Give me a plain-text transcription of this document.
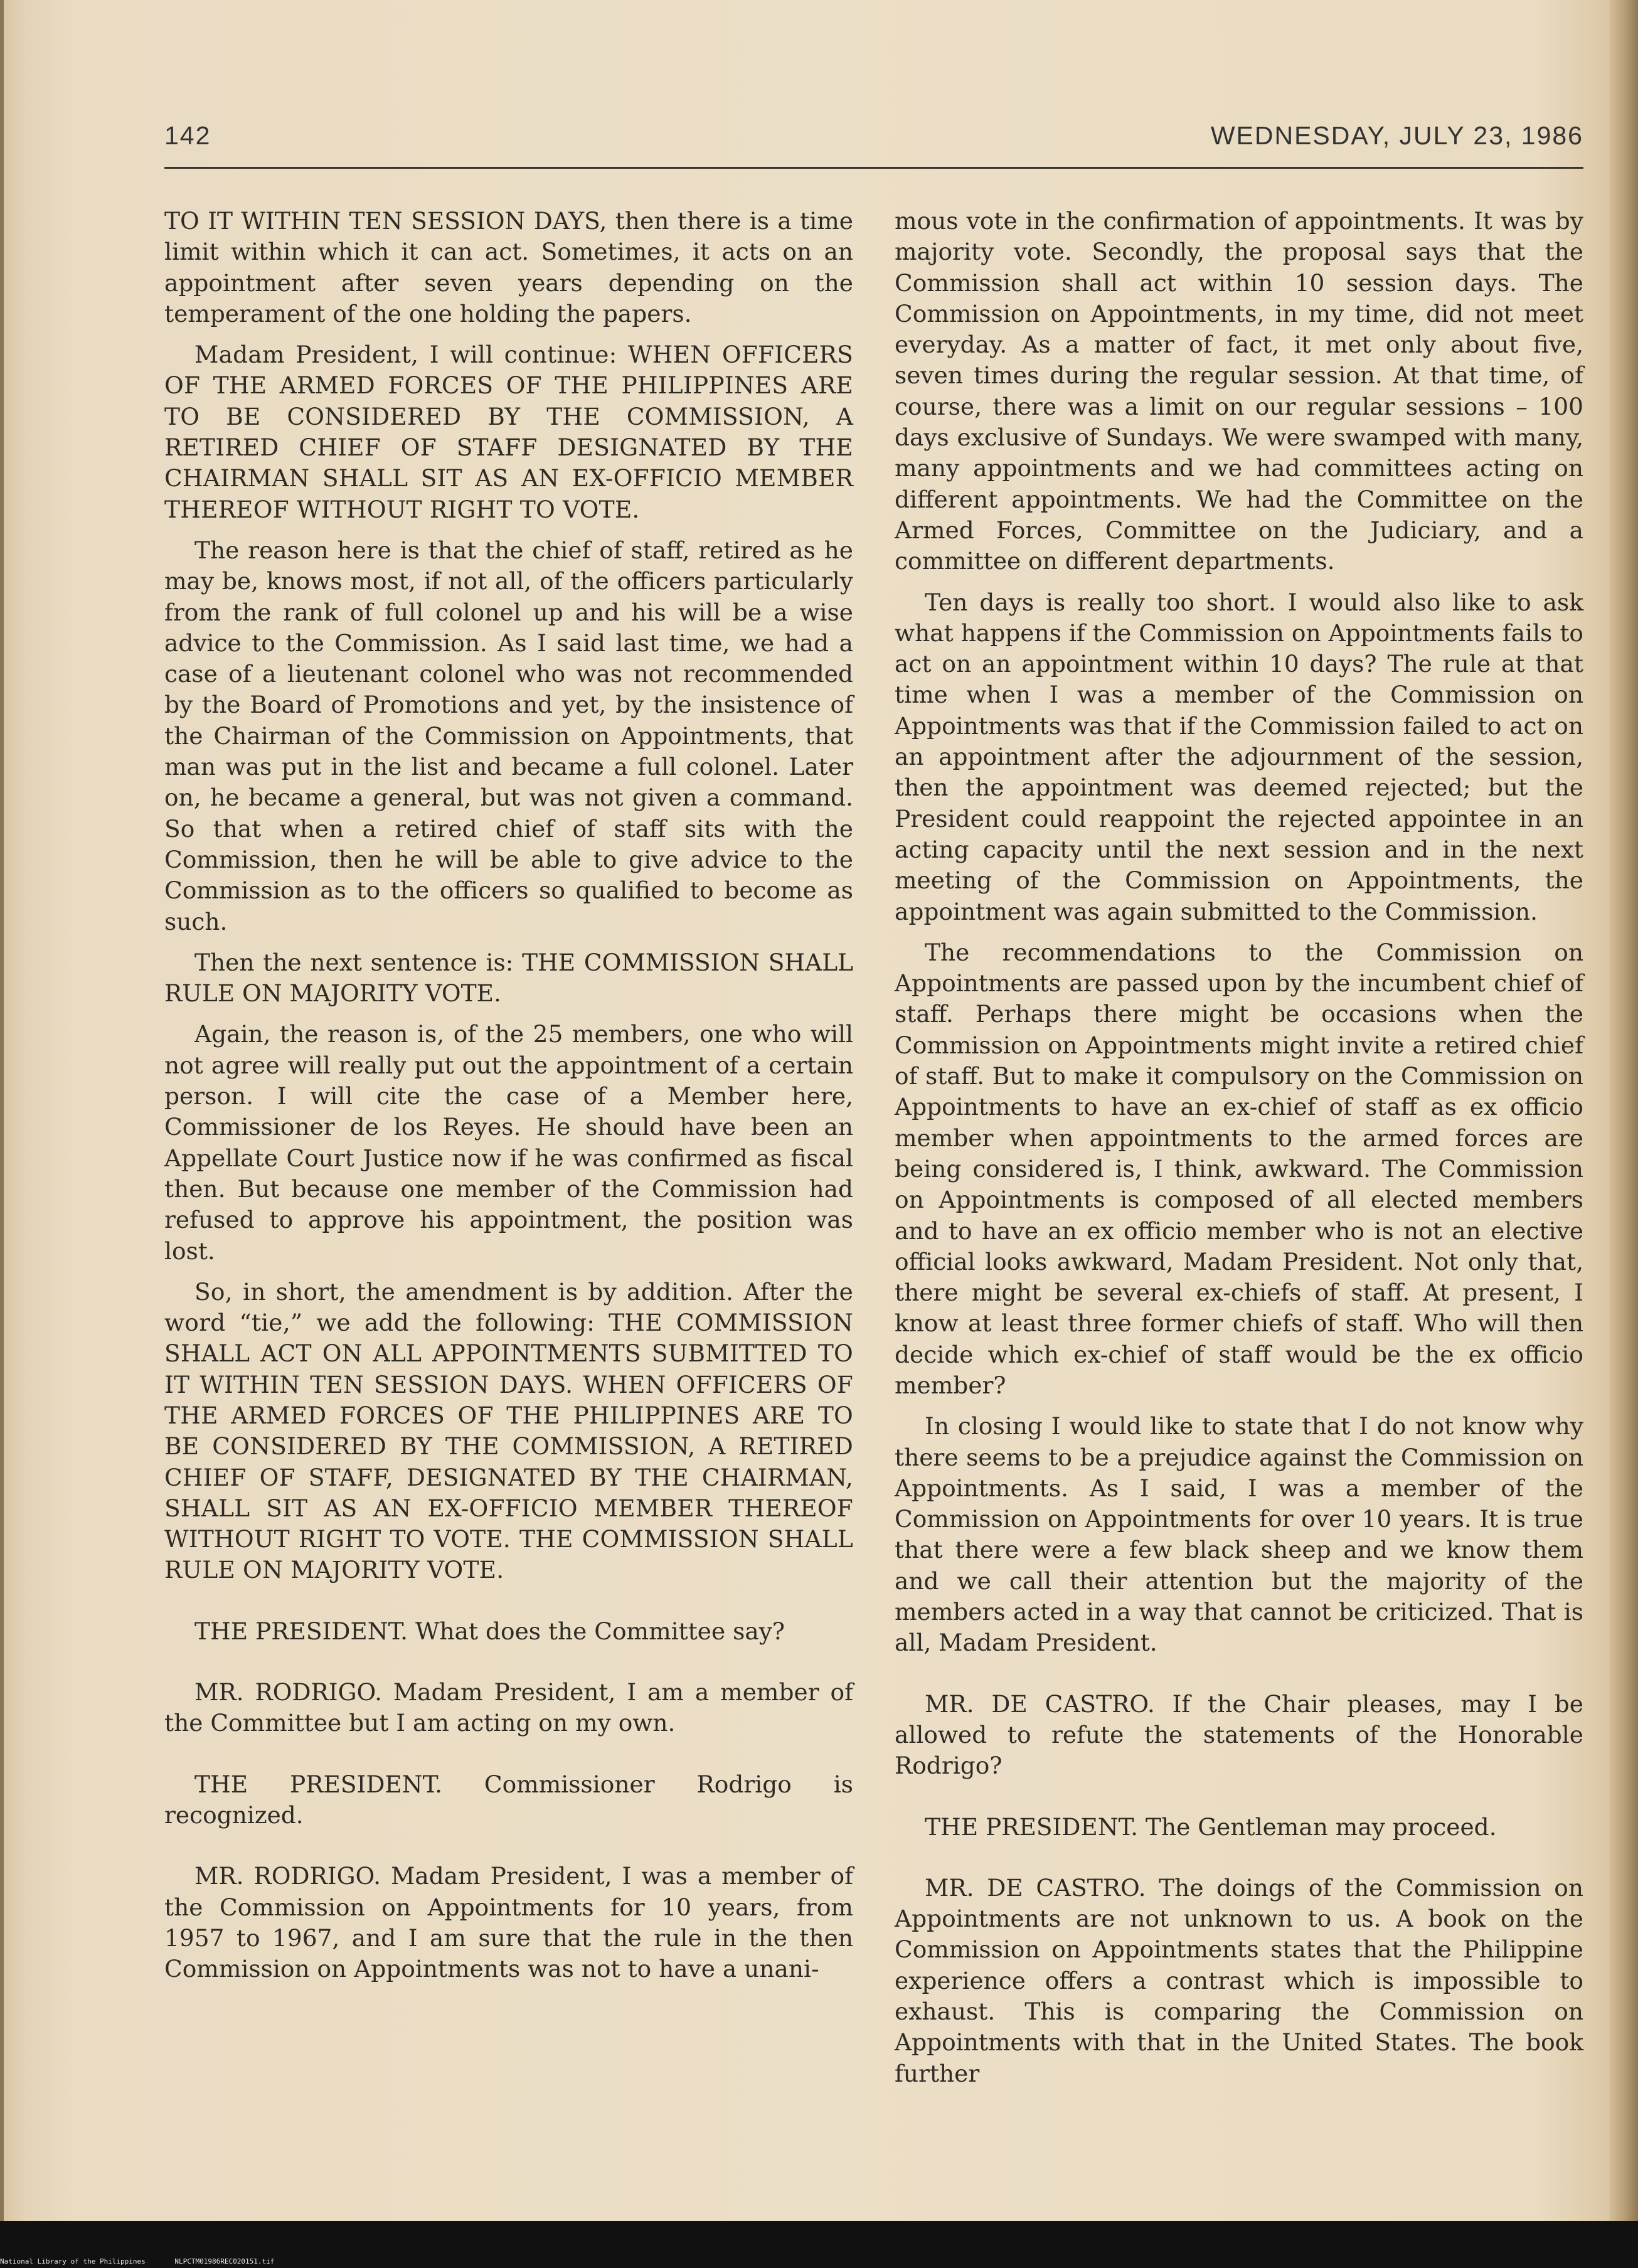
142	WEDNESDAY, JULY 23, 1986

TO IT WITHIN TEN SESSION DAYS, then there is a time limit within which it can act. Sometimes, it acts on an appointment after seven years depending on the temperament of the one holding the papers.

Madam President, I will continue: WHEN OFFICERS OF THE ARMED FORCES OF THE PHILIPPINES ARE TO BE CONSIDERED BY THE COMMISSION, A RETIRED CHIEF OF STAFF DESIGNATED BY THE CHAIRMAN SHALL SIT AS AN EX-OFFICIO MEMBER THEREOF WITHOUT RIGHT TO VOTE.

The reason here is that the chief of staff, retired as he may be, knows most, if not all, of the officers particularly from the rank of full colonel up and his will be a wise advice to the Commission. As I said last time, we had a case of a lieutenant colonel who was not recommended by the Board of Promotions and yet, by the insistence of the Chairman of the Commission on Appointments, that man was put in the list and became a full colonel. Later on, he became a general, but was not given a command. So that when a retired chief of staff sits with the Commission, then he will be able to give advice to the Commission as to the officers so qualified to become as such.

Then the next sentence is: THE COMMISSION SHALL RULE ON MAJORITY VOTE.

Again, the reason is, of the 25 members, one who will not agree will really put out the appointment of a certain person. I will cite the case of a Member here, Commissioner de los Reyes. He should have been an Appellate Court Justice now if he was confirmed as fiscal then. But because one member of the Commission had refused to approve his appointment, the position was lost.

So, in short, the amendment is by addition. After the word “tie,” we add the following: THE COMMISSION SHALL ACT ON ALL APPOINTMENTS SUBMITTED TO IT WITHIN TEN SESSION DAYS. WHEN OFFICERS OF THE ARMED FORCES OF THE PHILIPPINES ARE TO BE CONSIDERED BY THE COMMISSION, A RETIRED CHIEF OF STAFF, DESIGNATED BY THE CHAIRMAN, SHALL SIT AS AN EX-OFFICIO MEMBER THEREOF WITHOUT RIGHT TO VOTE. THE COMMISSION SHALL RULE ON MAJORITY VOTE.

THE PRESIDENT. What does the Committee say?

MR. RODRIGO. Madam President, I am a member of the Committee but I am acting on my own.

THE PRESIDENT. Commissioner Rodrigo is recognized.

MR. RODRIGO. Madam President, I was a member of the Commission on Appointments for 10 years, from 1957 to 1967, and I am sure that the rule in the then Commission on Appointments was not to have a unani-

mous vote in the confirmation of appointments. It was by majority vote. Secondly, the proposal says that the Commission shall act within 10 session days. The Commission on Appointments, in my time, did not meet everyday. As a matter of fact, it met only about five, seven times during the regular session. At that time, of course, there was a limit on our regular sessions – 100 days exclusive of Sundays. We were swamped with many, many appointments and we had committees acting on different appointments. We had the Committee on the Armed Forces, Committee on the Judiciary, and a committee on different departments.

Ten days is really too short. I would also like to ask what happens if the Commission on Appointments fails to act on an appointment within 10 days? The rule at that time when I was a member of the Commission on Appointments was that if the Commission failed to act on an appointment after the adjournment of the session, then the appointment was deemed rejected; but the President could reappoint the rejected appointee in an acting capacity until the next session and in the next meeting of the Commission on Appointments, the appointment was again submitted to the Commission.

The recommendations to the Commission on Appointments are passed upon by the incumbent chief of staff. Perhaps there might be occasions when the Commission on Appointments might invite a retired chief of staff. But to make it compulsory on the Commission on Appointments to have an ex-chief of staff as ex officio member when appointments to the armed forces are being considered is, I think, awkward. The Commission on Appointments is composed of all elected members and to have an ex officio member who is not an elective official looks awkward, Madam President. Not only that, there might be several ex-chiefs of staff. At present, I know at least three former chiefs of staff. Who will then decide which ex-chief of staff would be the ex officio member?

In closing I would like to state that I do not know why there seems to be a prejudice against the Commission on Appointments. As I said, I was a member of the Commission on Appointments for over 10 years. It is true that there were a few black sheep and we know them and we call their attention but the majority of the members acted in a way that cannot be criticized. That is all, Madam President.

MR. DE CASTRO. If the Chair pleases, may I be allowed to refute the statements of the Honorable Rodrigo?

THE PRESIDENT. The Gentleman may proceed.

MR. DE CASTRO. The doings of the Commission on Appointments are not unknown to us. A book on the Commission on Appointments states that the Philippine experience offers a contrast which is impossible to exhaust. This is comparing the Commission on Appointments with that in the United States. The book further

National Library of the Philippines	NLPCTM01986REC020151.tif
